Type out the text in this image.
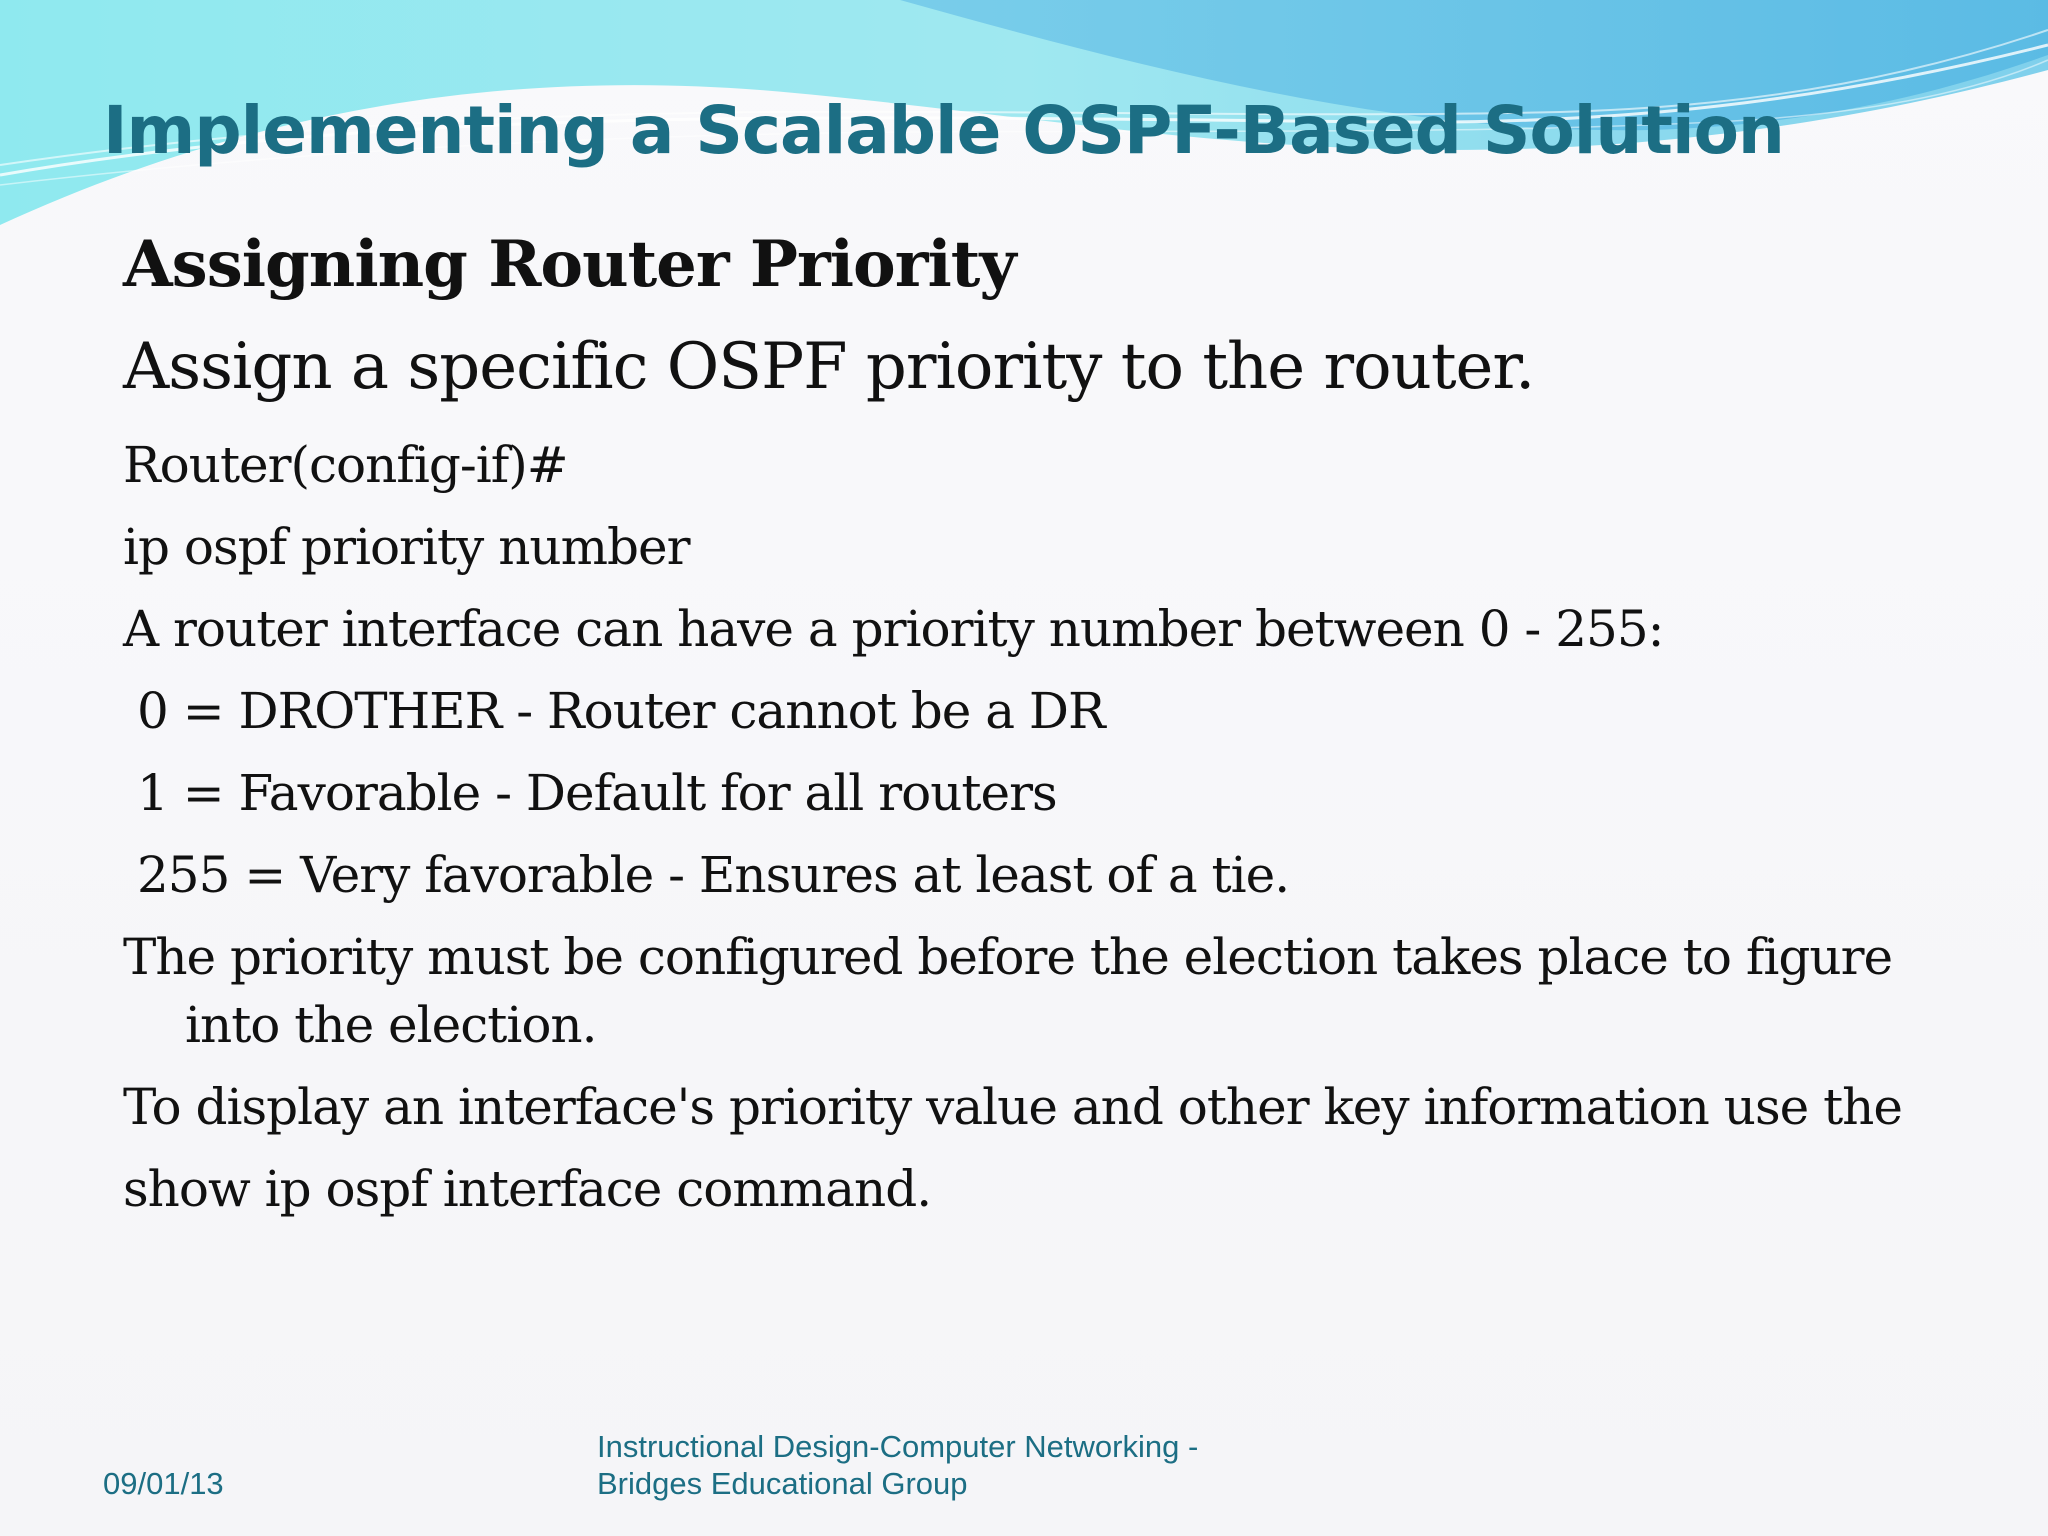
Implementing a Scalable OSPF-Based Solution

Assigning Router Priority

Assign a specific OSPF priority to the router.

Router(config-if)#

ip ospf priority number

A router interface can have a priority number between 0 - 255:

0 = DROTHER - Router cannot be a DR

1 = Favorable - Default for all routers

255 = Very favorable - Ensures at least of a tie.

The priority must be configured before the election takes place to figure into the election.

To display an interface's priority value and other key information use the

show ip ospf interface command.

09/01/13
Instructional Design-Computer Networking -
Bridges Educational Group
